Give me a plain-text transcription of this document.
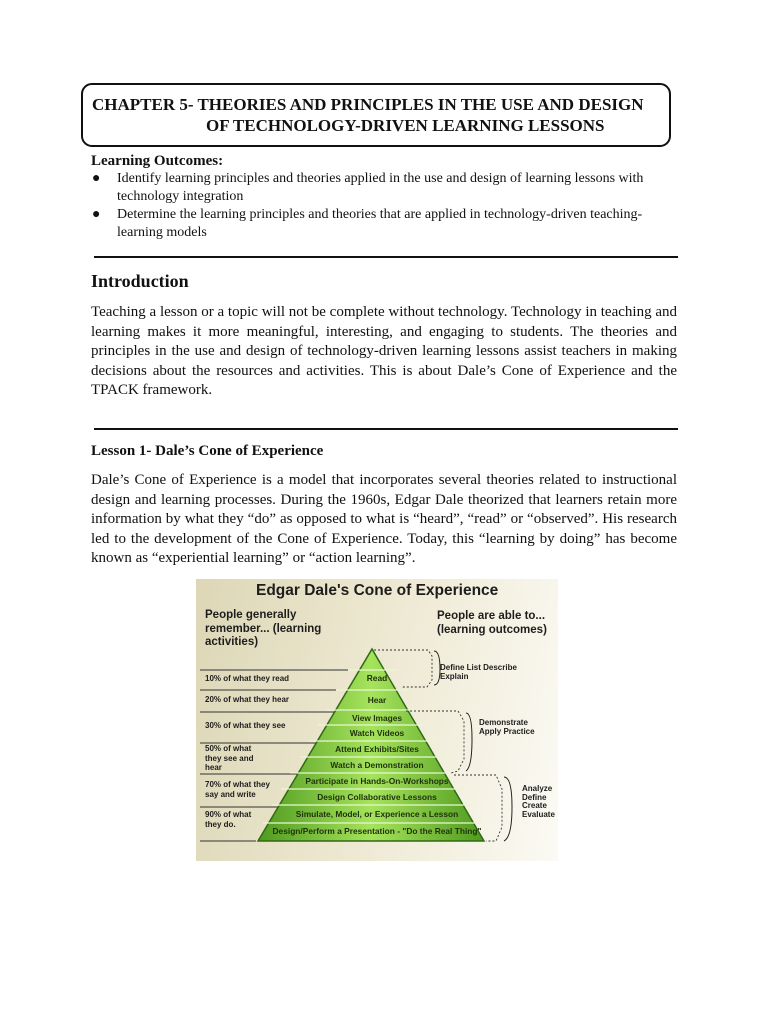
CHAPTER 5- THEORIES AND PRINCIPLES IN THE USE AND DESIGN
OF TECHNOLOGY-DRIVEN LEARNING LESSONS
Learning Outcomes:
● Identify learning principles and theories applied in the use and design of learning lessons with technology integration
● Determine the learning principles and theories that are applied in technology-driven teaching-learning models
Introduction

Teaching a lesson or a topic will not be complete without technology. Technology in teaching and learning makes it more meaningful, interesting, and engaging to students. The theories and principles in the use and design of technology-driven learning lessons assist teachers in making decisions about the resources and activities. This is about Dale’s Cone of Experience and the TPACK framework.

Lesson 1- Dale’s Cone of Experience

Dale’s Cone of Experience is a model that incorporates several theories related to instructional design and learning processes. During the 1960s, Edgar Dale theorized that learners retain more information by what they “do” as opposed to what is “heard”, “read” or “observed”. His research led to the development of the Cone of Experience. Today, this “learning by doing” has become known as “experiential learning” or “action learning”.

Edgar Dale's Cone of Experience
People generally remember... (learning activities)
People are able to... (learning outcomes)
10% of what they read
20% of what they hear
30% of what they see
50% of what they see and hear
70% of what they say and write
90% of what they do.
Read
Hear
View Images
Watch Videos
Attend Exhibits/Sites
Watch a Demonstration
Participate in Hands-On-Workshops
Design Collaborative Lessons
Simulate, Model, or Experience a Lesson
Design/Perform a Presentation - "Do the Real Thing"
Define List Describe Explain
Demonstrate Apply Practice
Analyze Define Create Evaluate
